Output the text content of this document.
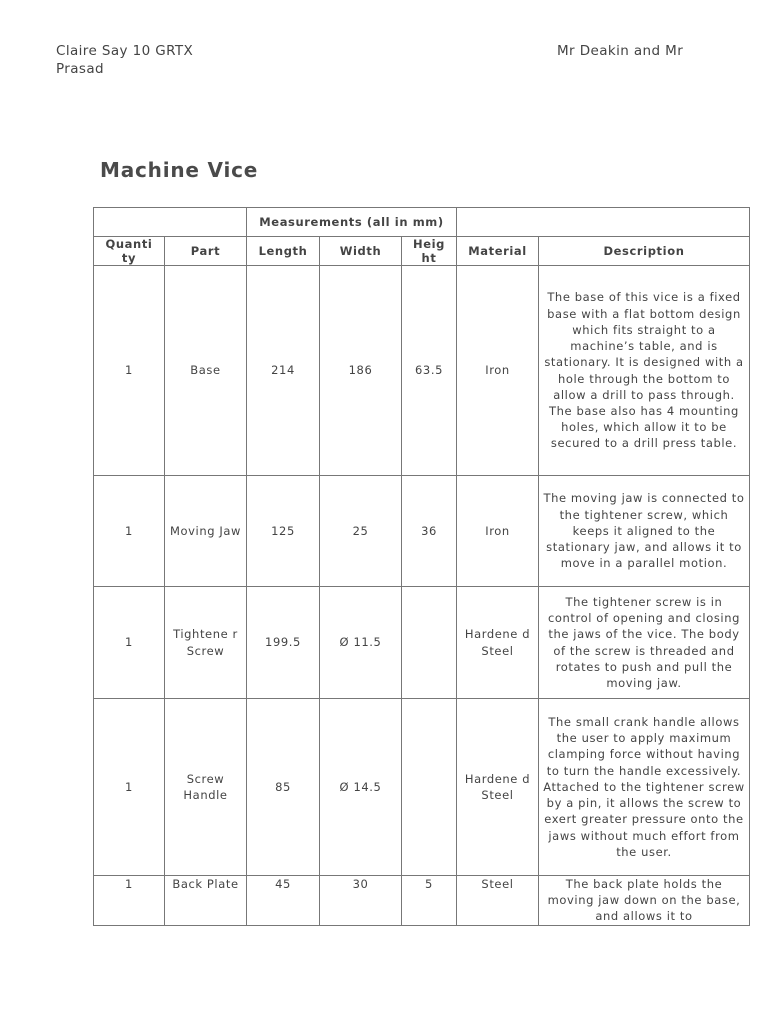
Claire Say 10 GRTX
Prasad
Mr Deakin and Mr
Machine Vice
		Measurements (all in mm)				
Quanti ty	Part	Length	Width	Heig ht	Material	Description
1	Base	214	186	63.5	Iron	The base of this vice is a fixed base with a flat bottom design which fits straight to a machine’s table, and is stationary. It is designed with a hole through the bottom to allow a drill to pass through. The base also has 4 mounting holes, which allow it to be secured to a drill press table.
1	Moving Jaw	125	25	36	Iron	The moving jaw is connected to the tightener screw, which keeps it aligned to the stationary jaw, and allows it to move in a parallel motion.
1	Tightene r Screw	199.5	Ø 11.5		Hardene d Steel	The tightener screw is in control of opening and closing the jaws of the vice. The body of the screw is threaded and rotates to push and pull the moving jaw.
1	Screw Handle	85	Ø 14.5		Hardene d Steel	The small crank handle allows the user to apply maximum clamping force without having to turn the handle excessively. Attached to the tightener screw by a pin, it allows the screw to exert greater pressure onto the jaws without much effort from the user.
1	Back Plate	45	30	5	Steel	The back plate holds the moving jaw down on the base, and allows it to
